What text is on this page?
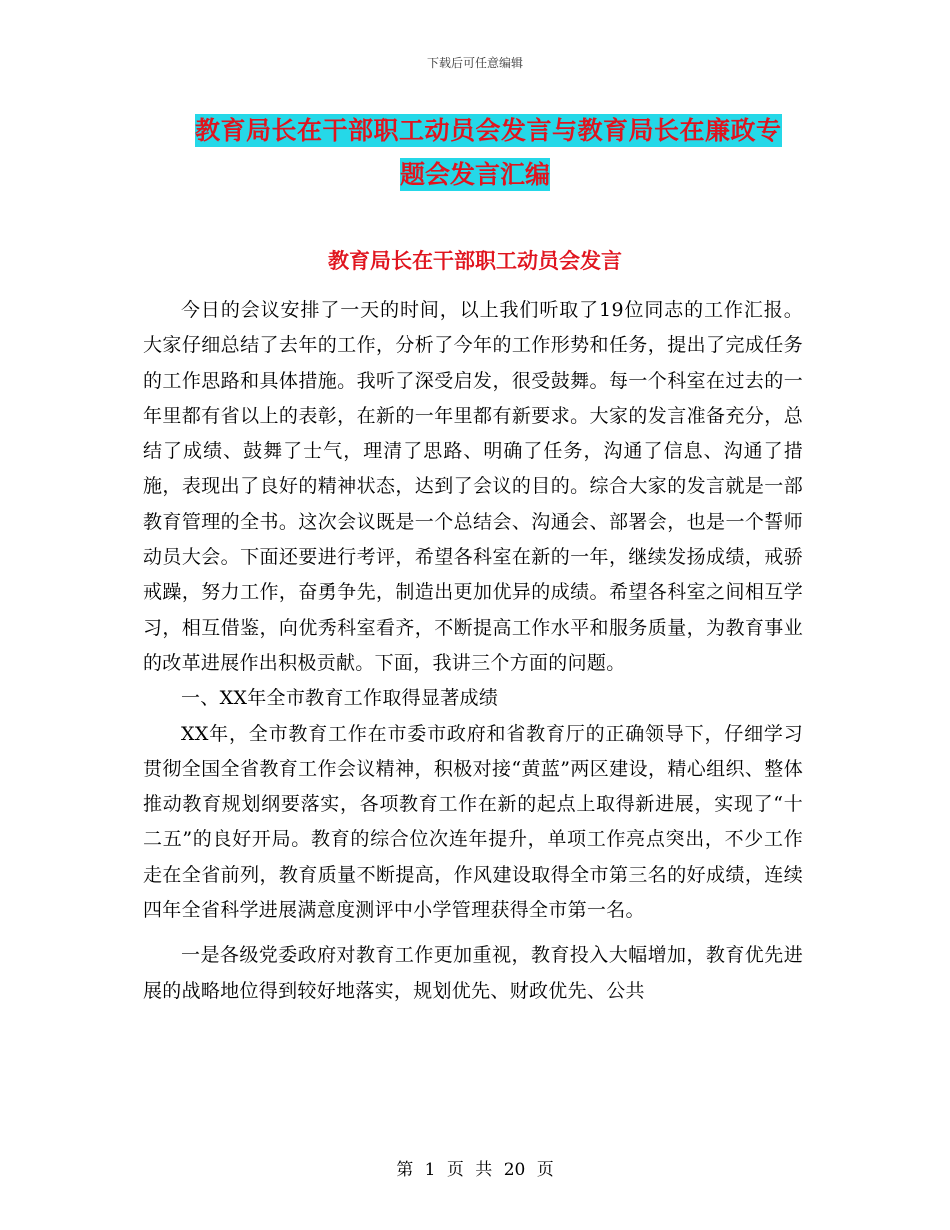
下载后可任意编辑
教育局长在干部职工动员会发言与教育局长在廉政专
题会发言汇编
教育局长在干部职工动员会发言

今日的会议安排了一天的时间，以上我们听取了19位同志的工作汇报。大家仔细总结了去年的工作，分析了今年的工作形势和任务，提出了完成任务的工作思路和具体措施。我听了深受启发，很受鼓舞。每一个科室在过去的一年里都有省以上的表彰，在新的一年里都有新要求。大家的发言准备充分，总结了成绩、鼓舞了士气，理清了思路、明确了任务，沟通了信息、沟通了措施，表现出了良好的精神状态，达到了会议的目的。综合大家的发言就是一部教育管理的全书。这次会议既是一个总结会、沟通会、部署会，也是一个誓师动员大会。下面还要进行考评，希望各科室在新的一年，继续发扬成绩，戒骄戒躁，努力工作，奋勇争先，制造出更加优异的成绩。希望各科室之间相互学习，相互借鉴，向优秀科室看齐，不断提高工作水平和服务质量，为教育事业的改革进展作出积极贡献。下面，我讲三个方面的问题。

一、XX年全市教育工作取得显著成绩

XX年，全市教育工作在市委市政府和省教育厅的正确领导下，仔细学习贯彻全国全省教育工作会议精神，积极对接“黄蓝”两区建设，精心组织、整体推动教育规划纲要落实，各项教育工作在新的起点上取得新进展，实现了“十二五”的良好开局。教育的综合位次连年提升，单项工作亮点突出，不少工作走在全省前列，教育质量不断提高，作风建设取得全市第三名的好成绩，连续四年全省科学进展满意度测评中小学管理获得全市第一名。

一是各级党委政府对教育工作更加重视，教育投入大幅增加，教育优先进展的战略地位得到较好地落实，规划优先、财政优先、公共

第 1 页 共 20 页
